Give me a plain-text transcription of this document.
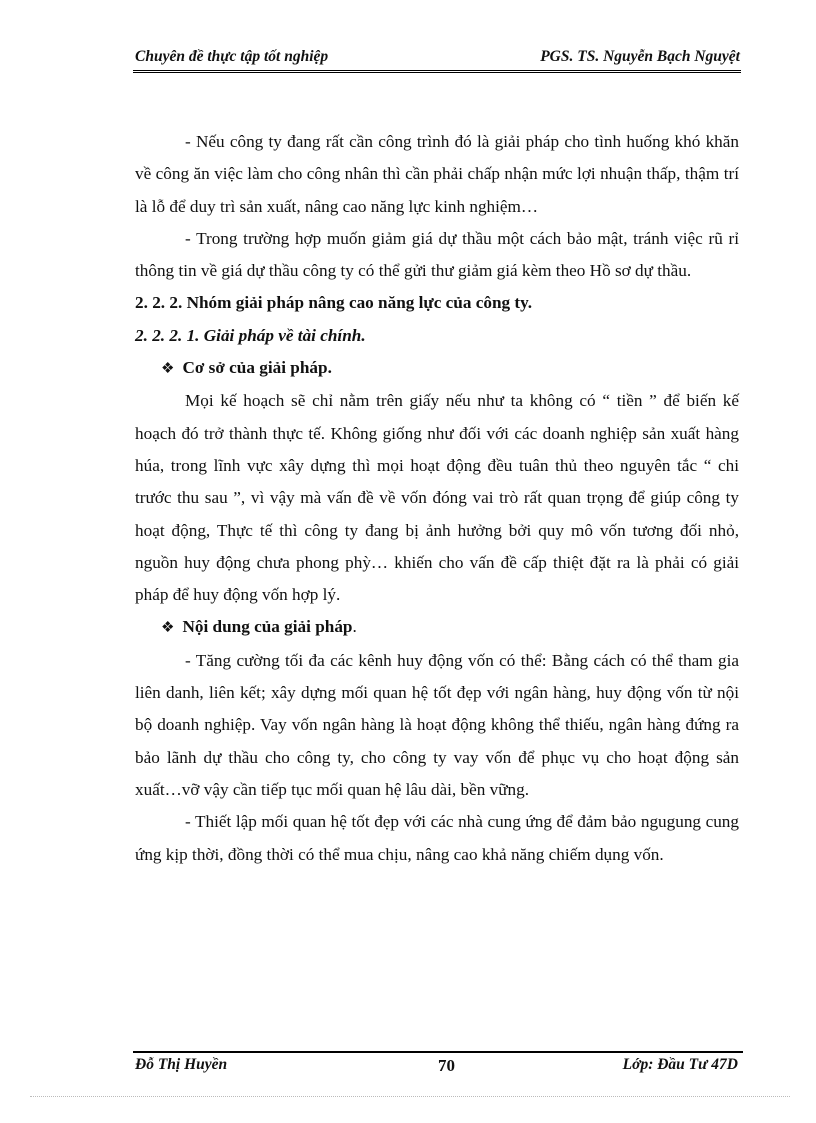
Chuyên đề thực tập tốt nghiệp	PGS. TS. Nguyễn Bạch Nguyệt

- Nếu công ty đang rất cần công trình đó là giải pháp cho tình huống khó khăn về công ăn việc làm cho công nhân thì cần phải chấp nhận mức lợi nhuận thấp, thậm trí là lỗ để duy trì sản xuất, nâng cao năng lực kinh nghiệm…

- Trong trường hợp muốn giảm giá dự thầu một cách bảo mật, tránh việc rũ rỉ thông tin về giá dự thầu công ty có thể gửi thư giảm giá kèm theo Hồ sơ dự thầu.

2. 2. 2. Nhóm giải pháp nâng cao năng lực của công ty.

2. 2. 2. 1. Giải pháp về tài chính.

❖ Cơ sở của giải pháp.

Mọi kế hoạch sẽ chỉ nằm trên giấy nếu như ta không có “ tiền ” để biến kế hoạch đó trở thành thực tế. Không giống như đối với các doanh nghiệp sản xuất hàng húa, trong lĩnh vực xây dựng thì mọi hoạt động đều tuân thủ theo nguyên tắc “ chi trước thu sau ”, vì vậy mà vấn đề về vốn đóng vai trò rất quan trọng để giúp công ty hoạt động, Thực tế thì công ty đang bị ảnh hưởng bởi quy mô vốn tương đối nhỏ, nguồn huy động chưa phong phỳ… khiến cho vấn đề cấp thiệt đặt ra là phải có giải pháp để huy động vốn hợp lý.

❖ Nội dung của giải pháp.

- Tăng cường tối đa các kênh huy động vốn có thể: Bằng cách có thể tham gia liên danh, liên kết; xây dựng mối quan hệ tốt đẹp với ngân hàng, huy động vốn từ nội bộ doanh nghiệp. Vay vốn ngân hàng là hoạt động không thể thiếu, ngân hàng đứng ra bảo lãnh dự thầu cho công ty, cho công ty vay vốn để phục vụ cho hoạt động sản xuất…vỡ vậy cần tiếp tục mối quan hệ lâu dài, bền vững.

- Thiết lập mối quan hệ tốt đẹp với các nhà cung ứng để đảm bảo ngugung cung ứng kịp thời, đồng thời có thể mua chịu, nâng cao khả năng chiếm dụng vốn.

Đỗ Thị Huyền	70	Lớp: Đầu Tư 47D
